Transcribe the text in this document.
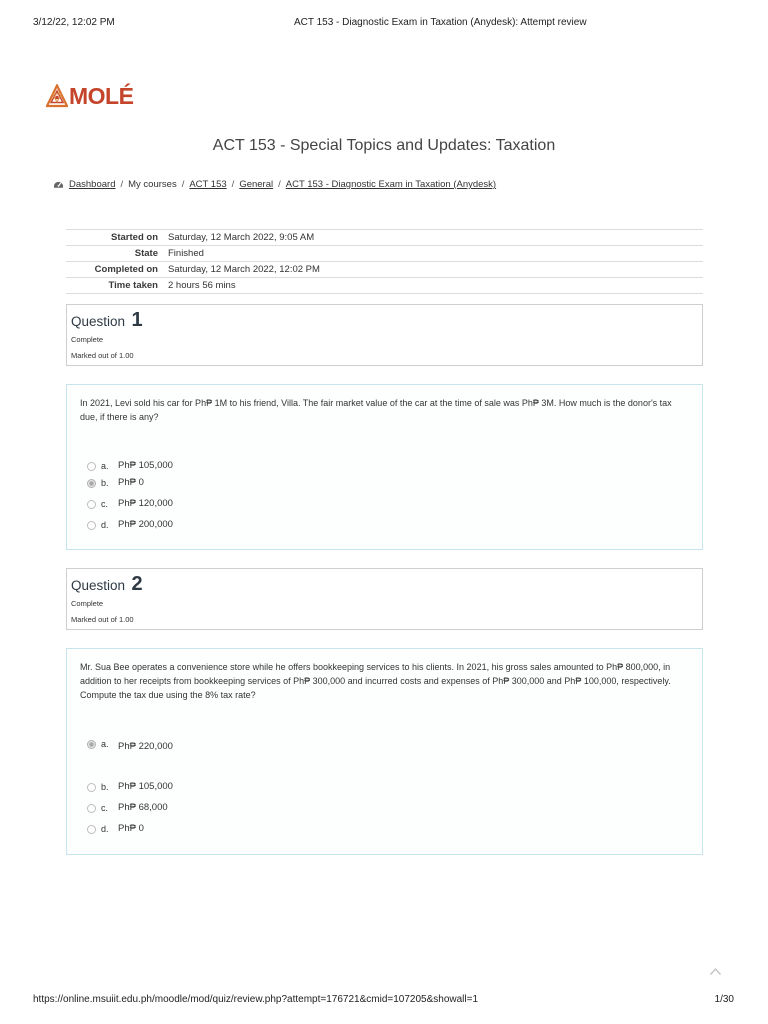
3/12/22, 12:02 PM	ACT 153 - Diagnostic Exam in Taxation (Anydesk): Attempt review
MOLÉ
ACT 153 - Special Topics and Updates: Taxation
Dashboard / My courses / ACT 153 / General / ACT 153 - Diagnostic Exam in Taxation (Anydesk)
Started on	Saturday, 12 March 2022, 9:05 AM
State	Finished
Completed on	Saturday, 12 March 2022, 12:02 PM
Time taken	2 hours 56 mins
Question 1
Complete
Marked out of 1.00
In 2021, Levi sold his car for Ph₱ 1M to his friend, Villa. The fair market value of the car at the time of sale was Ph₱ 3M. How much is the donor's tax due, if there is any?
a. Ph₱ 105,000
b. Ph₱ 0
c. Ph₱ 120,000
d. Ph₱ 200,000
Question 2
Complete
Marked out of 1.00
Mr. Sua Bee operates a convenience store while he offers bookkeeping services to his clients. In 2021, his gross sales amounted to Ph₱ 800,000, in addition to her receipts from bookkeeping services of Ph₱ 300,000 and incurred costs and expenses of Ph₱ 300,000 and Ph₱ 100,000, respectively. Compute the tax due using the 8% tax rate?
a. Ph₱ 220,000
b. Ph₱ 105,000
c. Ph₱ 68,000
d. Ph₱ 0
https://online.msuiit.edu.ph/moodle/mod/quiz/review.php?attempt=176721&cmid=107205&showall=1	1/30
